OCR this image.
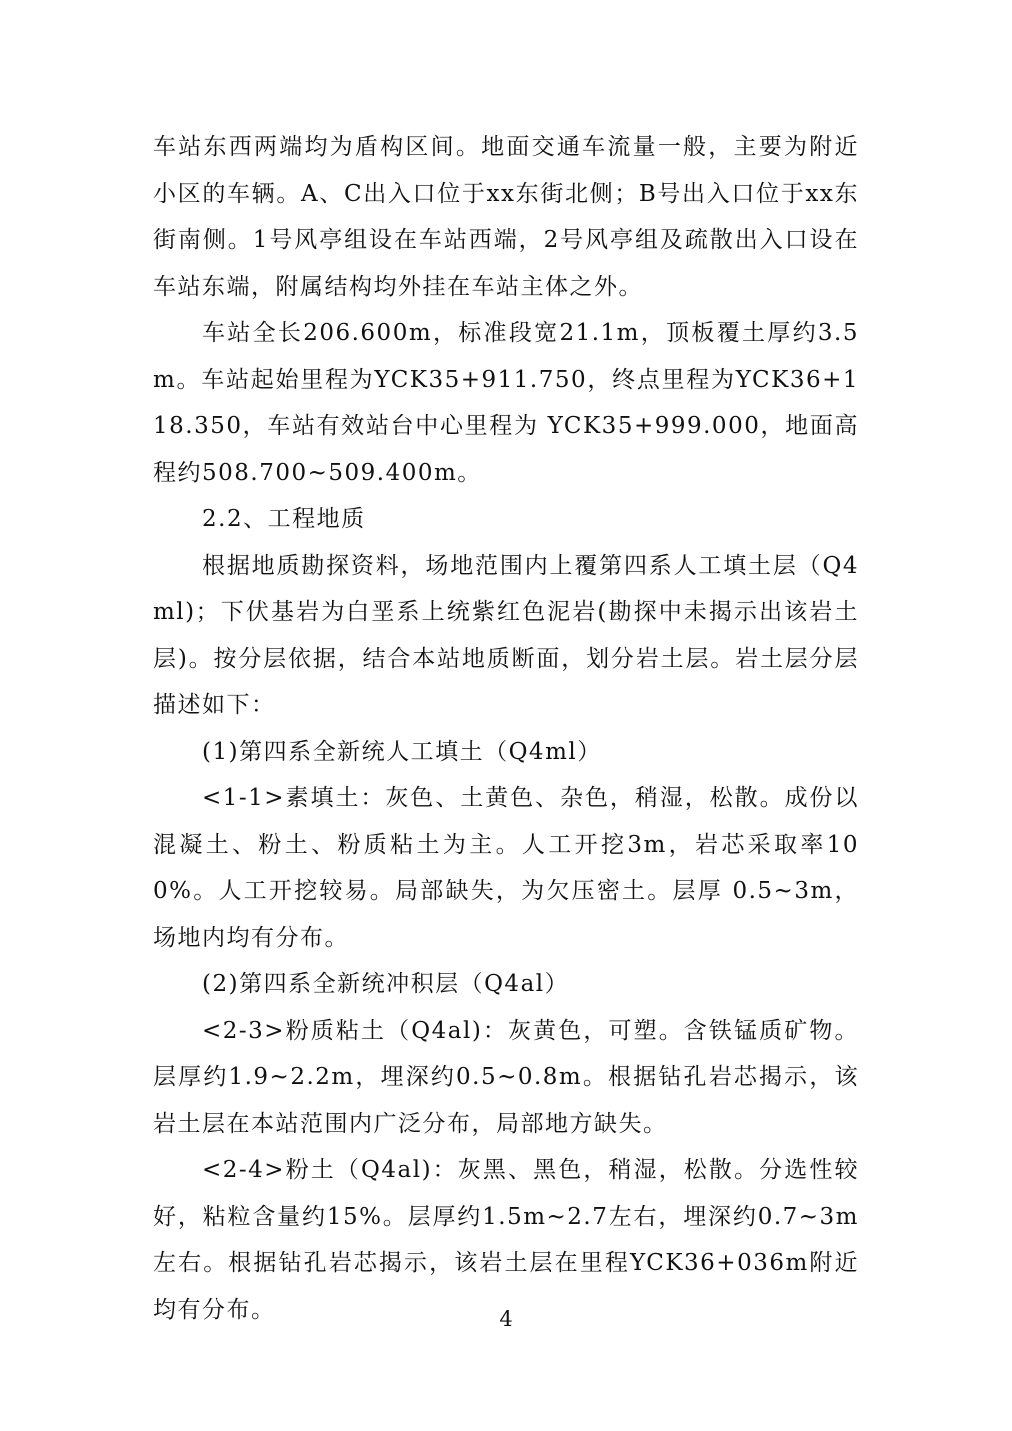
车站东西两端均为盾构区间。地面交通车流量一般，主要为附近小区的车辆。A、C出入口位于xx东街北侧；B号出入口位于xx东街南侧。1号风亭组设在车站西端，2号风亭组及疏散出入口设在车站东端，附属结构均外挂在车站主体之外。

车站全长206.600m，标准段宽21.1m，顶板覆土厚约3.5m。车站起始里程为YCK35+911.750，终点里程为YCK36+118.350，车站有效站台中心里程为 YCK35+999.000，地面高程约508.700~509.400m。

2.2、工程地质

根据地质勘探资料，场地范围内上覆第四系人工填土层（Q4ml)；下伏基岩为白垩系上统紫红色泥岩(勘探中未揭示出该岩土层)。按分层依据，结合本站地质断面，划分岩土层。岩土层分层描述如下：

(1)第四系全新统人工填土（Q4ml）

<1-1>素填土：灰色、土黄色、杂色，稍湿，松散。成份以混凝土、粉土、粉质粘土为主。人工开挖3m，岩芯采取率100%。人工开挖较易。局部缺失，为欠压密土。层厚 0.5~3m，场地内均有分布。

(2)第四系全新统冲积层（Q4al）

<2-3>粉质粘土（Q4al)：灰黄色，可塑。含铁锰质矿物。层厚约1.9~2.2m，埋深约0.5~0.8m。根据钻孔岩芯揭示，该岩土层在本站范围内广泛分布，局部地方缺失。

<2-4>粉土（Q4al)：灰黑、黑色，稍湿，松散。分选性较好，粘粒含量约15%。层厚约1.5m~2.7左右，埋深约0.7~3m左右。根据钻孔岩芯揭示，该岩土层在里程YCK36+036m附近均有分布。	4
